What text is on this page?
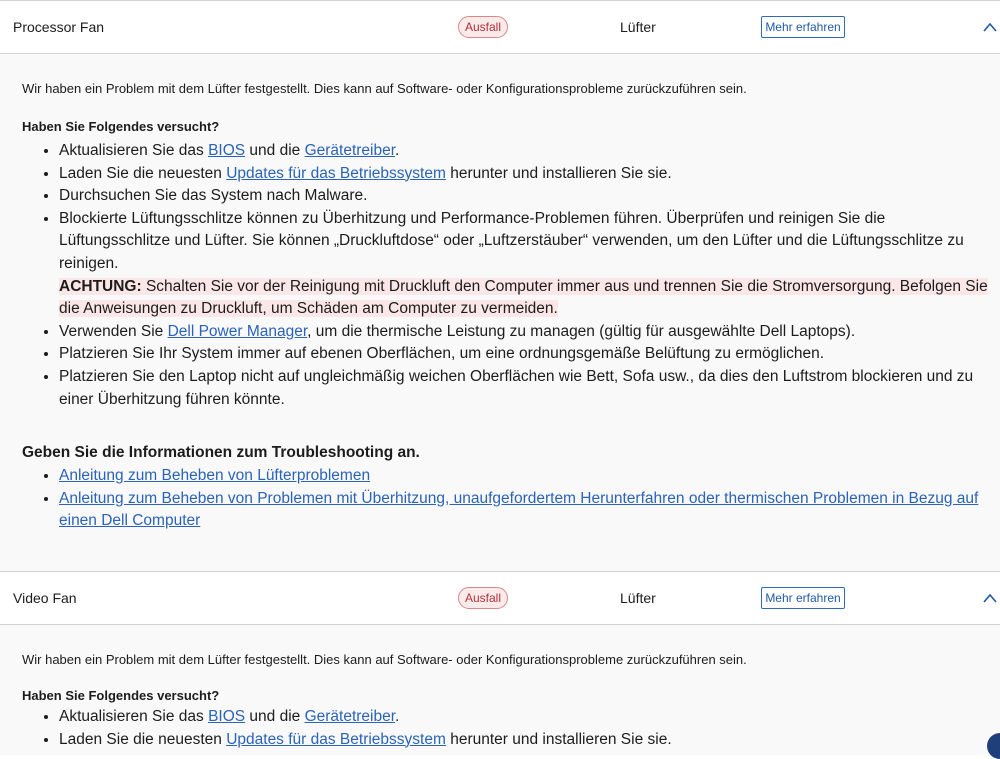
Processor Fan	Ausfall	Lüfter	Mehr erfahren
Wir haben ein Problem mit dem Lüfter festgestellt. Dies kann auf Software- oder Konfigurationsprobleme zurückzuführen sein.
Haben Sie Folgendes versucht?
• Aktualisieren Sie das BIOS und die Gerätetreiber.
• Laden Sie die neuesten Updates für das Betriebssystem herunter und installieren Sie sie.
• Durchsuchen Sie das System nach Malware.
• Blockierte Lüftungsschlitze können zu Überhitzung und Performance-Problemen führen. Überprüfen und reinigen Sie die Lüftungsschlitze und Lüfter. Sie können „Druckluftdose“ oder „Luftzerstäuber“ verwenden, um den Lüfter und die Lüftungsschlitze zu reinigen.
ACHTUNG: Schalten Sie vor der Reinigung mit Druckluft den Computer immer aus und trennen Sie die Stromversorgung. Befolgen Sie die Anweisungen zu Druckluft, um Schäden am Computer zu vermeiden.
• Verwenden Sie Dell Power Manager, um die thermische Leistung zu managen (gültig für ausgewählte Dell Laptops).
• Platzieren Sie Ihr System immer auf ebenen Oberflächen, um eine ordnungsgemäße Belüftung zu ermöglichen.
• Platzieren Sie den Laptop nicht auf ungleichmäßig weichen Oberflächen wie Bett, Sofa usw., da dies den Luftstrom blockieren und zu einer Überhitzung führen könnte.
Geben Sie die Informationen zum Troubleshooting an.
• Anleitung zum Beheben von Lüfterproblemen
• Anleitung zum Beheben von Problemen mit Überhitzung, unaufgefordertem Herunterfahren oder thermischen Problemen in Bezug auf einen Dell Computer
Video Fan	Ausfall	Lüfter	Mehr erfahren
Wir haben ein Problem mit dem Lüfter festgestellt. Dies kann auf Software- oder Konfigurationsprobleme zurückzuführen sein.
Haben Sie Folgendes versucht?
• Aktualisieren Sie das BIOS und die Gerätetreiber.
• Laden Sie die neuesten Updates für das Betriebssystem herunter und installieren Sie sie.
